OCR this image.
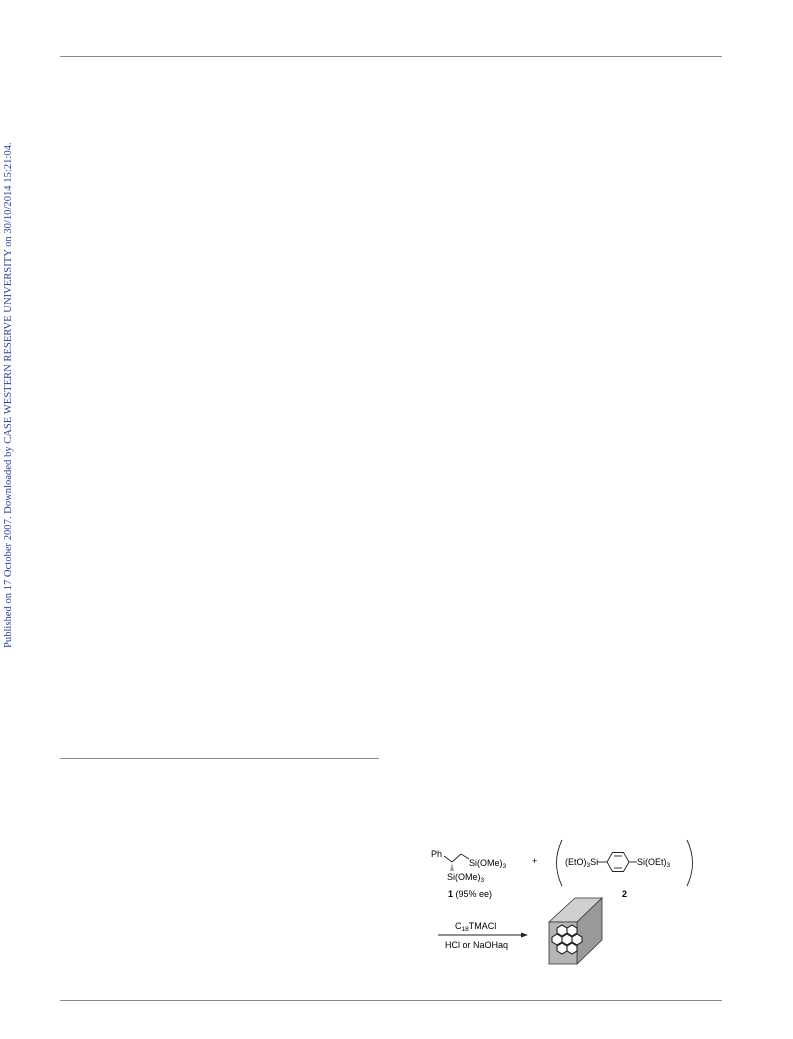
Published on 17 October 2007. Downloaded by CASE WESTERN RESERVE UNIVERSITY on 30/10/2014 15:21:04.
Ph
$Si(OMe)_3$
$Si(OMe)_3$
1 (95% ee)
+	$(EtO)_3Si$	$Si(OEt)_3$
2
$C_{18}TMACl$
HCl or NaOHaq
